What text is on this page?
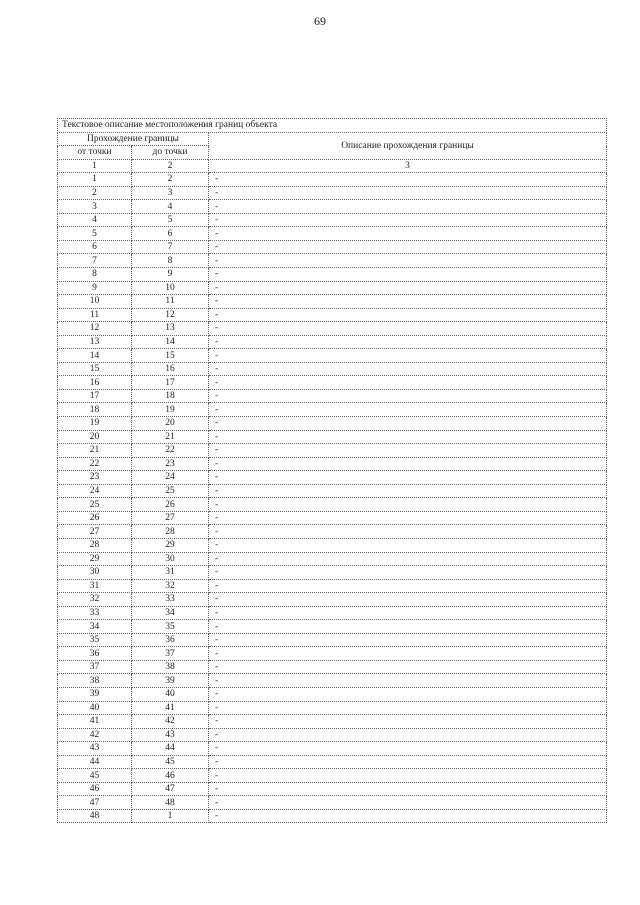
69
Текстовое описание местоположения границ объекта		
Прохождение границы		Описание прохождения границы
от точки	до точки	
1	2	3
1	2	-
2	3	-
3	4	-
4	5	-
5	6	-
6	7	-
7	8	-
8	9	-
9	10	-
10	11	-
11	12	-
12	13	-
13	14	-
14	15	-
15	16	-
16	17	-
17	18	-
18	19	-
19	20	-
20	21	-
21	22	-
22	23	-
23	24	-
24	25	-
25	26	-
26	27	-
27	28	-
28	29	-
29	30	-
30	31	-
31	32	-
32	33	-
33	34	-
34	35	-
35	36	-
36	37	-
37	38	-
38	39	-
39	40	-
40	41	-
41	42	-
42	43	-
43	44	-
44	45	-
45	46	-
46	47	-
47	48	-
48	1	-
